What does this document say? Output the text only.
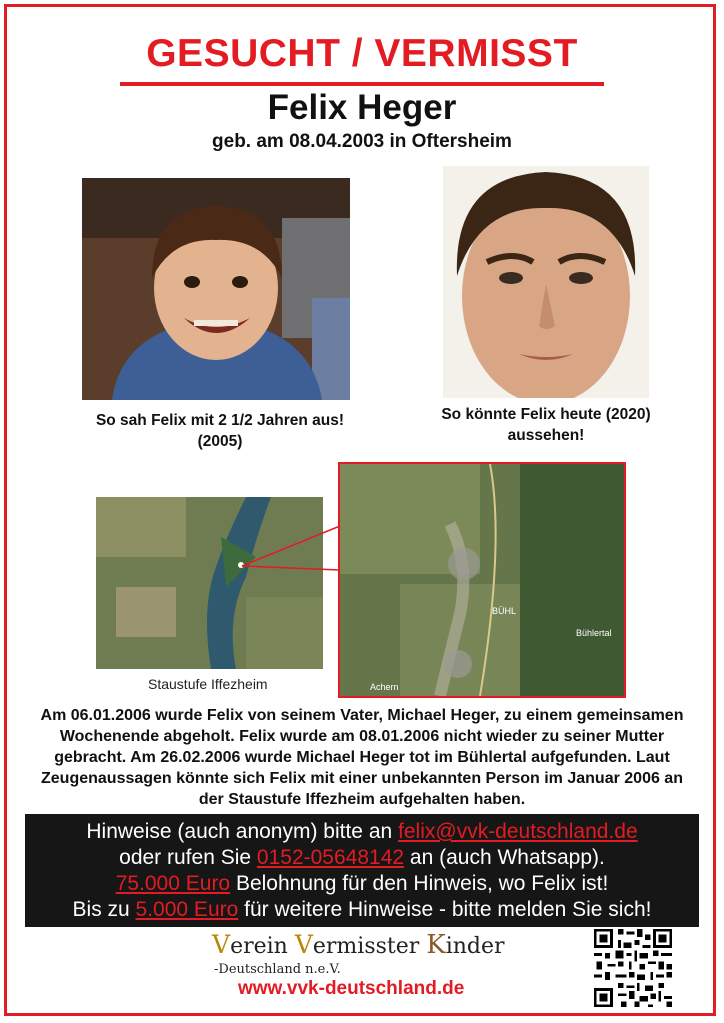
GESUCHT / VERMISST
Felix Heger
geb. am 08.04.2003 in Oftersheim
So sah Felix mit 2 1/2 Jahren aus!
(2005)
So könnte Felix heute (2020)
aussehen!
Staustufe Iffezheim
BÜHL
Bühlertal
Achern
Am 06.01.2006 wurde Felix von seinem Vater, Michael Heger, zu einem gemeinsamen Wochenende abgeholt. Felix wurde am 08.01.2006 nicht wieder zu seiner Mutter gebracht. Am 26.02.2006 wurde Michael Heger tot im Bühlertal aufgefunden. Laut Zeugenaussagen könnte sich Felix mit einer unbekannten Person im Januar 2006 an der Staustufe Iffezheim aufgehalten haben.
Hinweise (auch anonym) bitte an felix@vvk-deutschland.de
oder rufen Sie 0152-05648142 an (auch Whatsapp).
75.000 Euro Belohnung für den Hinweis, wo Felix ist!
Bis zu 5.000 Euro für weitere Hinweise - bitte melden Sie sich!
Verein Vermisster Kinder
-Deutschland n.e.V.
www.vvk-deutschland.de
